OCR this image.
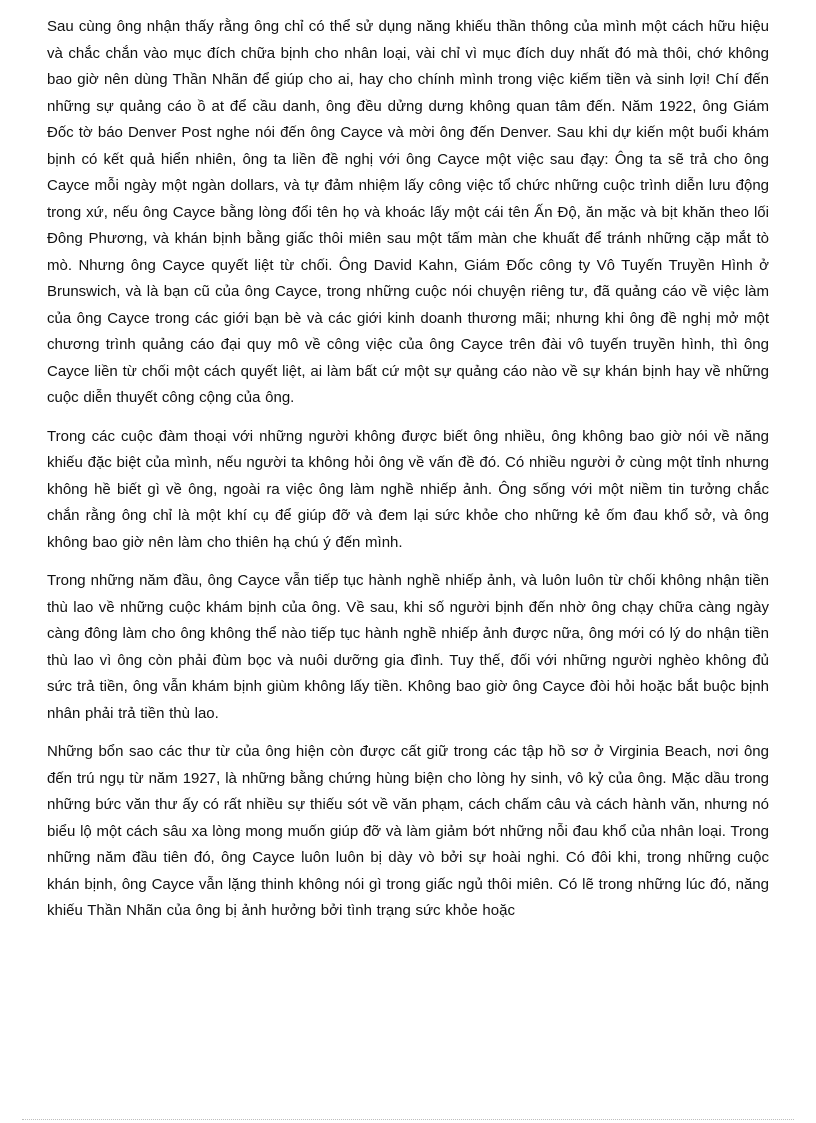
Sau cùng ông nhận thấy rằng ông chỉ có thể sử dụng năng khiếu thần thông của mình một cách hữu hiệu và chắc chắn vào mục đích chữa bịnh cho nhân loại, vài chỉ vì mục đích duy nhất đó mà thôi, chớ không bao giờ nên dùng Thần Nhãn để giúp cho ai, hay cho chính mình trong việc kiếm tiền và sinh lợi! Chí đến những sự quảng cáo ồ at để cầu danh, ông đều dửng dưng không quan tâm đến. Năm 1922, ông Giám Đốc tờ báo Denver Post nghe nói đến ông Cayce và mời ông đến Denver. Sau khi dự kiến một buổi khám bịnh có kết quả hiển nhiên, ông ta liền đề nghị với ông Cayce một việc sau đạy: Ông ta sẽ trả cho ông Cayce mỗi ngày một ngàn dollars, và tự đảm nhiệm lấy công việc tổ chức những cuộc trình diễn lưu động trong xứ, nếu ông Cayce bằng lòng đổi tên họ và khoác lấy một cái tên Ấn Độ, ăn mặc và bịt khăn theo lối Đông Phương, và khán bịnh bằng giấc thôi miên sau một tấm màn che khuất để tránh những cặp mắt tò mò. Nhưng ông Cayce quyết liệt từ chối. Ông David Kahn, Giám Đốc công ty Vô Tuyến Truyền Hình ở Brunswich, và là bạn cũ của ông Cayce, trong những cuộc nói chuyện riêng tư, đã quảng cáo về việc làm của ông Cayce trong các giới bạn bè và các giới kinh doanh thương mãi; nhưng khi ông đề nghị mở một chương trình quảng cáo đại quy mô về công việc của ông Cayce trên đài vô tuyến truyền hình, thì ông Cayce liền từ chối một cách quyết liệt, ai làm bất cứ một sự quảng cáo nào về sự khán bịnh hay về những cuộc diễn thuyết công cộng của ông.

Trong các cuộc đàm thoại với những người không được biết ông nhiều, ông không bao giờ nói về năng khiếu đặc biệt của mình, nếu người ta không hỏi ông về vấn đề đó. Có nhiều người ở cùng một tỉnh nhưng không hề biết gì về ông, ngoài ra việc ông làm nghề nhiếp ảnh. Ông sống với một niềm tin tưởng chắc chắn rằng ông chỉ là một khí cụ để giúp đỡ và đem lại sức khỏe cho những kẻ ốm đau khổ sở, và ông không bao giờ nên làm cho thiên hạ chú ý đến mình.

Trong những năm đầu, ông Cayce vẫn tiếp tục hành nghề nhiếp ảnh, và luôn luôn từ chối không nhận tiền thù lao về những cuộc khám bịnh của ông. Về sau, khi số người bịnh đến nhờ ông chạy chữa càng ngày càng đông làm cho ông không thể nào tiếp tục hành nghề nhiếp ảnh được nữa, ông mới có lý do nhận tiền thù lao vì ông còn phải đùm bọc và nuôi dưỡng gia đình. Tuy thế, đối với những người nghèo không đủ sức trả tiền, ông vẫn khám bịnh giùm không lấy tiền. Không bao giờ ông Cayce đòi hỏi hoặc bắt buộc bịnh nhân phải trả tiền thù lao.

Những bổn sao các thư từ của ông hiện còn được cất giữ trong các tập hồ sơ ở Virginia Beach, nơi ông đến trú ngụ từ năm 1927, là những bằng chứng hùng biện cho lòng hy sinh, vô kỷ của ông. Mặc dầu trong những bức văn thư ấy có rất nhiều sự thiếu sót về văn phạm, cách chấm câu và cách hành văn, nhưng nó biểu lộ một cách sâu xa lòng mong muốn giúp đỡ và làm giảm bớt những nỗi đau khổ của nhân loại. Trong những năm đầu tiên đó, ông Cayce luôn luôn bị dày vò bởi sự hoài nghi. Có đôi khi, trong những cuộc khán bịnh, ông Cayce vẫn lặng thinh không nói gì trong giấc ngủ thôi miên. Có lẽ trong những lúc đó, năng khiếu Thần Nhãn của ông bị ảnh hưởng bởi tình trạng sức khỏe hoặc
